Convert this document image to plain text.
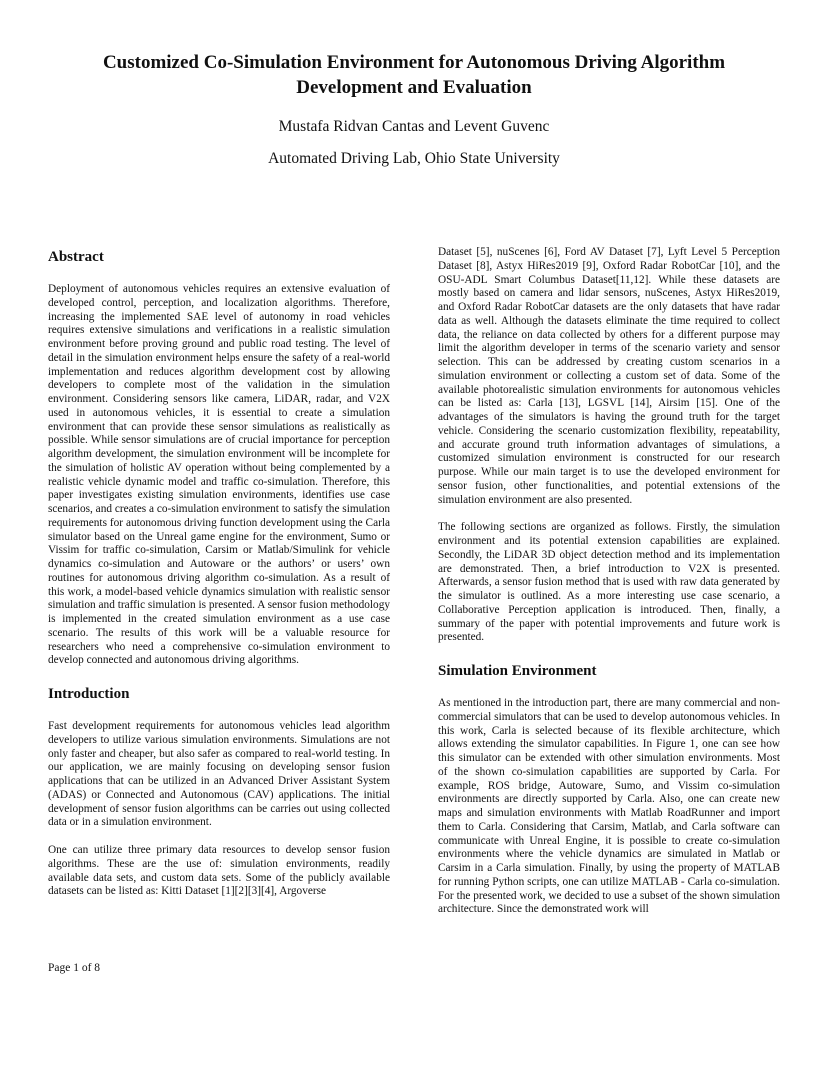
Customized Co-Simulation Environment for Autonomous Driving Algorithm Development and Evaluation
Mustafa Ridvan Cantas and Levent Guvenc
Automated Driving Lab, Ohio State University
Abstract

Deployment of autonomous vehicles requires an extensive evaluation of developed control, perception, and localization algorithms. Therefore, increasing the implemented SAE level of autonomy in road vehicles requires extensive simulations and verifications in a realistic simulation environment before proving ground and public road testing. The level of detail in the simulation environment helps ensure the safety of a real-world implementation and reduces algorithm development cost by allowing developers to complete most of the validation in the simulation environment. Considering sensors like camera, LiDAR, radar, and V2X used in autonomous vehicles, it is essential to create a simulation environment that can provide these sensor simulations as realistically as possible. While sensor simulations are of crucial importance for perception algorithm development, the simulation environment will be incomplete for the simulation of holistic AV operation without being complemented by a realistic vehicle dynamic model and traffic co-simulation. Therefore, this paper investigates existing simulation environments, identifies use case scenarios, and creates a co-simulation environment to satisfy the simulation requirements for autonomous driving function development using the Carla simulator based on the Unreal game engine for the environment, Sumo or Vissim for traffic co-simulation, Carsim or Matlab/Simulink for vehicle dynamics co-simulation and Autoware or the authors’ or users’ own routines for autonomous driving algorithm co-simulation. As a result of this work, a model-based vehicle dynamics simulation with realistic sensor simulation and traffic simulation is presented. A sensor fusion methodology is implemented in the created simulation environment as a use case scenario. The results of this work will be a valuable resource for researchers who need a comprehensive co-simulation environment to develop connected and autonomous driving algorithms.

Introduction

Fast development requirements for autonomous vehicles lead algorithm developers to utilize various simulation environments. Simulations are not only faster and cheaper, but also safer as compared to real-world testing. In our application, we are mainly focusing on developing sensor fusion applications that can be utilized in an Advanced Driver Assistant System (ADAS) or Connected and Autonomous (CAV) applications. The initial development of sensor fusion algorithms can be carries out using collected data or in a simulation environment.

One can utilize three primary data resources to develop sensor fusion algorithms. These are the use of: simulation environments, readily available data sets, and custom data sets. Some of the publicly available datasets can be listed as: Kitti Dataset [1][2][3][4], Argoverse

Dataset [5], nuScenes [6], Ford AV Dataset [7], Lyft Level 5 Perception Dataset [8], Astyx HiRes2019 [9], Oxford Radar RobotCar [10], and the OSU-ADL Smart Columbus Dataset[11,12]. While these datasets are mostly based on camera and lidar sensors, nuScenes, Astyx HiRes2019, and Oxford Radar RobotCar datasets are the only datasets that have radar data as well. Although the datasets eliminate the time required to collect data, the reliance on data collected by others for a different purpose may limit the algorithm developer in terms of the scenario variety and sensor selection. This can be addressed by creating custom scenarios in a simulation environment or collecting a custom set of data. Some of the available photorealistic simulation environments for autonomous vehicles can be listed as: Carla [13], LGSVL [14], Airsim [15]. One of the advantages of the simulators is having the ground truth for the target vehicle. Considering the scenario customization flexibility, repeatability, and accurate ground truth information advantages of simulations, a customized simulation environment is constructed for our research purpose. While our main target is to use the developed environment for sensor fusion, other functionalities, and potential extensions of the simulation environment are also presented.

The following sections are organized as follows. Firstly, the simulation environment and its potential extension capabilities are explained. Secondly, the LiDAR 3D object detection method and its implementation are demonstrated. Then, a brief introduction to V2X is presented. Afterwards, a sensor fusion method that is used with raw data generated by the simulator is outlined. As a more interesting use case scenario, a Collaborative Perception application is introduced. Then, finally, a summary of the paper with potential improvements and future work is presented.

Simulation Environment

As mentioned in the introduction part, there are many commercial and non-commercial simulators that can be used to develop autonomous vehicles. In this work, Carla is selected because of its flexible architecture, which allows extending the simulator capabilities. In Figure 1, one can see how this simulator can be extended with other simulation environments. Most of the shown co-simulation capabilities are supported by Carla. For example, ROS bridge, Autoware, Sumo, and Vissim co-simulation environments are directly supported by Carla. Also, one can create new maps and simulation environments with Matlab RoadRunner and import them to Carla. Considering that Carsim, Matlab, and Carla software can communicate with Unreal Engine, it is possible to create co-simulation environments where the vehicle dynamics are simulated in Matlab or Carsim in a Carla simulation. Finally, by using the property of MATLAB for running Python scripts, one can utilize MATLAB - Carla co-simulation. For the presented work, we decided to use a subset of the shown simulation architecture. Since the demonstrated work will

Page 1 of 8
